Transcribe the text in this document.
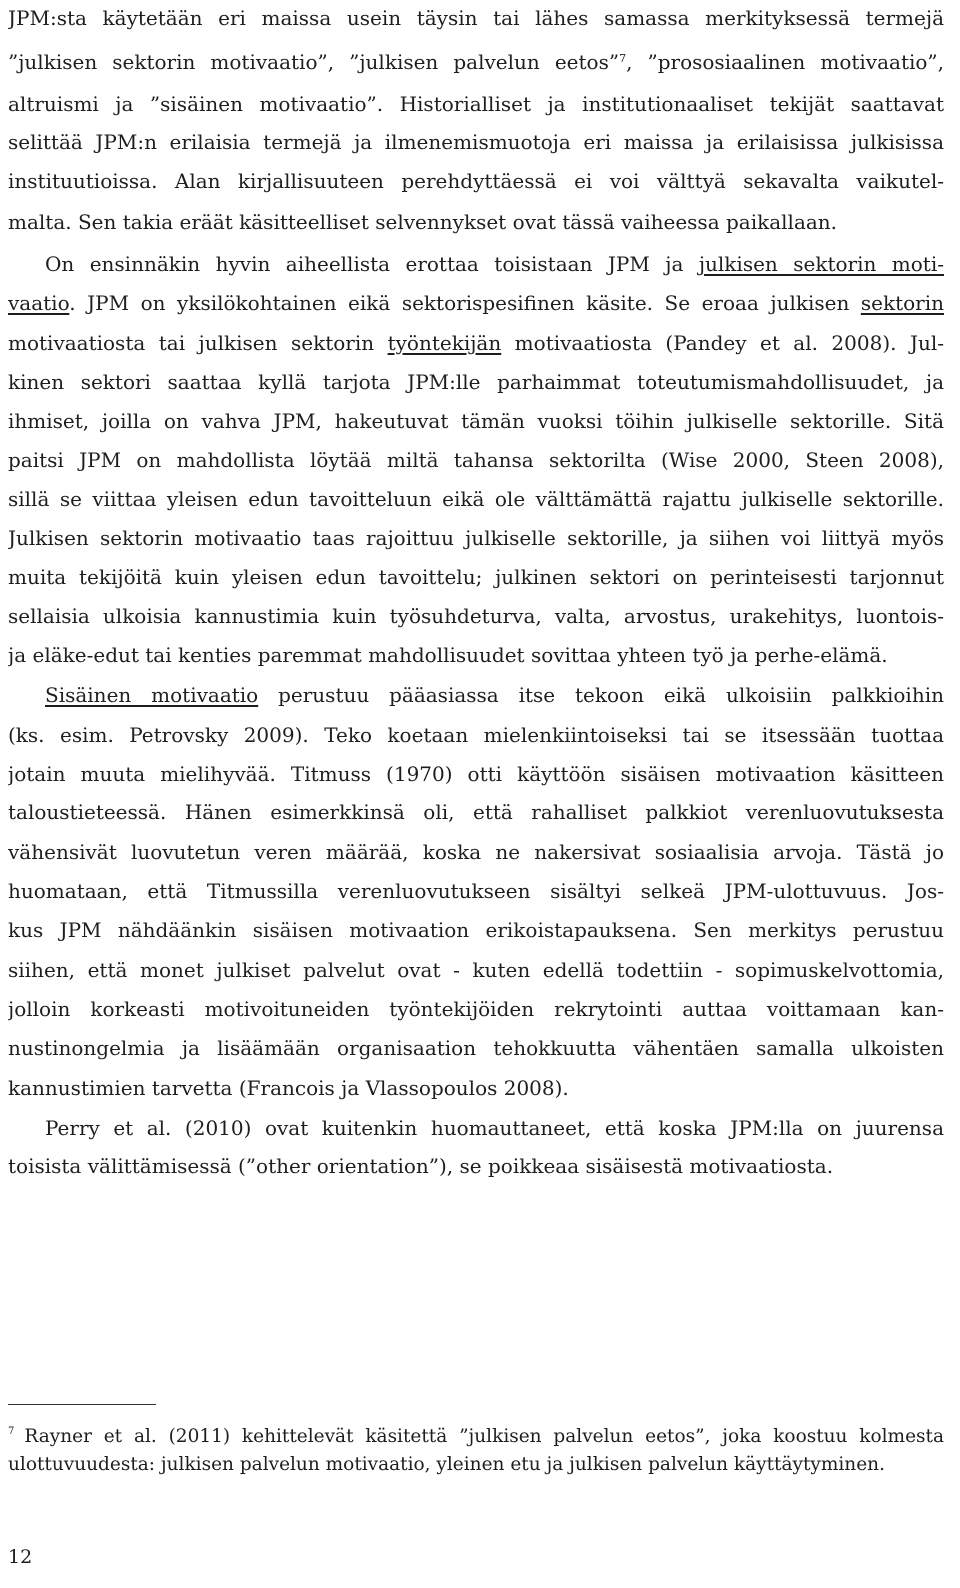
JPM:sta käytetään eri maissa usein täysin tai lähes samassa merkityksessä termejä
”julkisen sektorin motivaatio”, ”julkisen palvelun eetos”$^7$, ”prososiaalinen motivaatio”,
altruismi ja ”sisäinen motivaatio”. Historialliset ja institutionaaliset tekijät saattavat
selittää JPM:n erilaisia termejä ja ilmenemismuotoja eri maissa ja erilaisissa julkisissa
instituutioissa. Alan kirjallisuuteen perehdyttäessä ei voi välttyä sekavalta vaikutel-
malta. Sen takia eräät käsitteelliset selvennykset ovat tässä vaiheessa paikallaan.
On ensinnäkin hyvin aiheellista erottaa toisistaan JPM ja julkisen sektorin moti-
vaatio. JPM on yksilökohtainen eikä sektorispesifinen käsite. Se eroaa julkisen sektorin
motivaatiosta tai julkisen sektorin työntekijän motivaatiosta (Pandey et al. 2008). Jul-
kinen sektori saattaa kyllä tarjota JPM:lle parhaimmat toteutumismahdollisuudet, ja
ihmiset, joilla on vahva JPM, hakeutuvat tämän vuoksi töihin julkiselle sektorille. Sitä
paitsi JPM on mahdollista löytää miltä tahansa sektorilta (Wise 2000, Steen 2008),
sillä se viittaa yleisen edun tavoitteluun eikä ole välttämättä rajattu julkiselle sektorille.
Julkisen sektorin motivaatio taas rajoittuu julkiselle sektorille, ja siihen voi liittyä myös
muita tekijöitä kuin yleisen edun tavoittelu; julkinen sektori on perinteisesti tarjonnut
sellaisia ulkoisia kannustimia kuin työsuhdeturva, valta, arvostus, urakehitys, luontois-
ja eläke-edut tai kenties paremmat mahdollisuudet sovittaa yhteen työ ja perhe-elämä.
Sisäinen motivaatio perustuu pääasiassa itse tekoon eikä ulkoisiin palkkioihin
(ks. esim. Petrovsky 2009). Teko koetaan mielenkiintoiseksi tai se itsessään tuottaa
jotain muuta mielihyvää. Titmuss (1970) otti käyttöön sisäisen motivaation käsitteen
taloustieteessä. Hänen esimerkkinsä oli, että rahalliset palkkiot verenluovutuksesta
vähensivät luovutetun veren määrää, koska ne nakersivat sosiaalisia arvoja. Tästä jo
huomataan, että Titmussilla verenluovutukseen sisältyi selkeä JPM-ulottuvuus. Jos-
kus JPM nähdäänkin sisäisen motivaation erikoistapauksena. Sen merkitys perustuu
siihen, että monet julkiset palvelut ovat - kuten edellä todettiin - sopimuskelvottomia,
jolloin korkeasti motivoituneiden työntekijöiden rekrytointi auttaa voittamaan kan-
nustinongelmia ja lisäämään organisaation tehokkuutta vähentäen samalla ulkoisten
kannustimien tarvetta (Francois ja Vlassopoulos 2008).
Perry et al. (2010) ovat kuitenkin huomauttaneet, että koska JPM:lla on juurensa
toisista välittämisessä (”other orientation”), se poikkeaa sisäisestä motivaatiosta.
$^7$ Rayner et al. (2011) kehittelevät käsitettä ”julkisen palvelun eetos”, joka koostuu kolmesta
ulottuvuudesta: julkisen palvelun motivaatio, yleinen etu ja julkisen palvelun käyttäytyminen.
12
